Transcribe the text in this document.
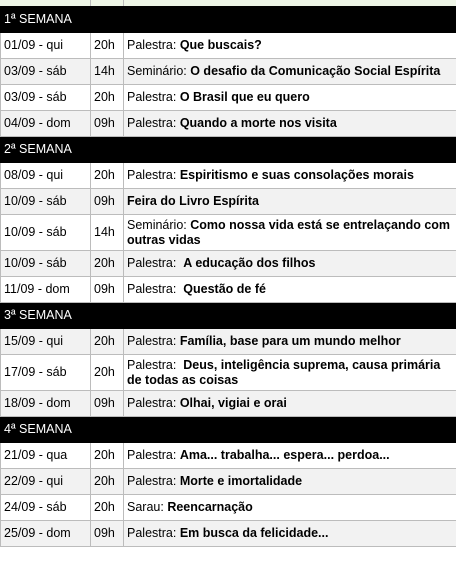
1ª SEMANA		
01/09 - qui	20h	Palestra: Que buscais?
03/09 - sáb	14h	Seminário: O desafio da Comunicação Social Espírita
03/09 - sáb	20h	Palestra: O Brasil que eu quero
04/09 - dom	09h	Palestra: Quando a morte nos visita
2ª SEMANA		
08/09 - qui	20h	Palestra: Espiritismo e suas consolações morais
10/09 - sáb	09h	Feira do Livro Espírita
10/09 - sáb	14h	Seminário: Como nossa vida está se entrelaçando com outras vidas
10/09 - sáb	20h	Palestra:  A educação dos filhos
11/09 - dom	09h	Palestra:  Questão de fé
3ª SEMANA		
15/09 - qui	20h	Palestra: Família, base para um mundo melhor
17/09 - sáb	20h	Palestra:  Deus, inteligência suprema, causa primária de todas as coisas
18/09 - dom	09h	Palestra: Olhai, vigiai e orai
4ª SEMANA		
21/09 - qua	20h	Palestra: Ama... trabalha... espera... perdoa...
22/09 - qui	20h	Palestra: Morte e imortalidade
24/09 - sáb	20h	Sarau: Reencarnação
25/09 - dom	09h	Palestra: Em busca da felicidade...
